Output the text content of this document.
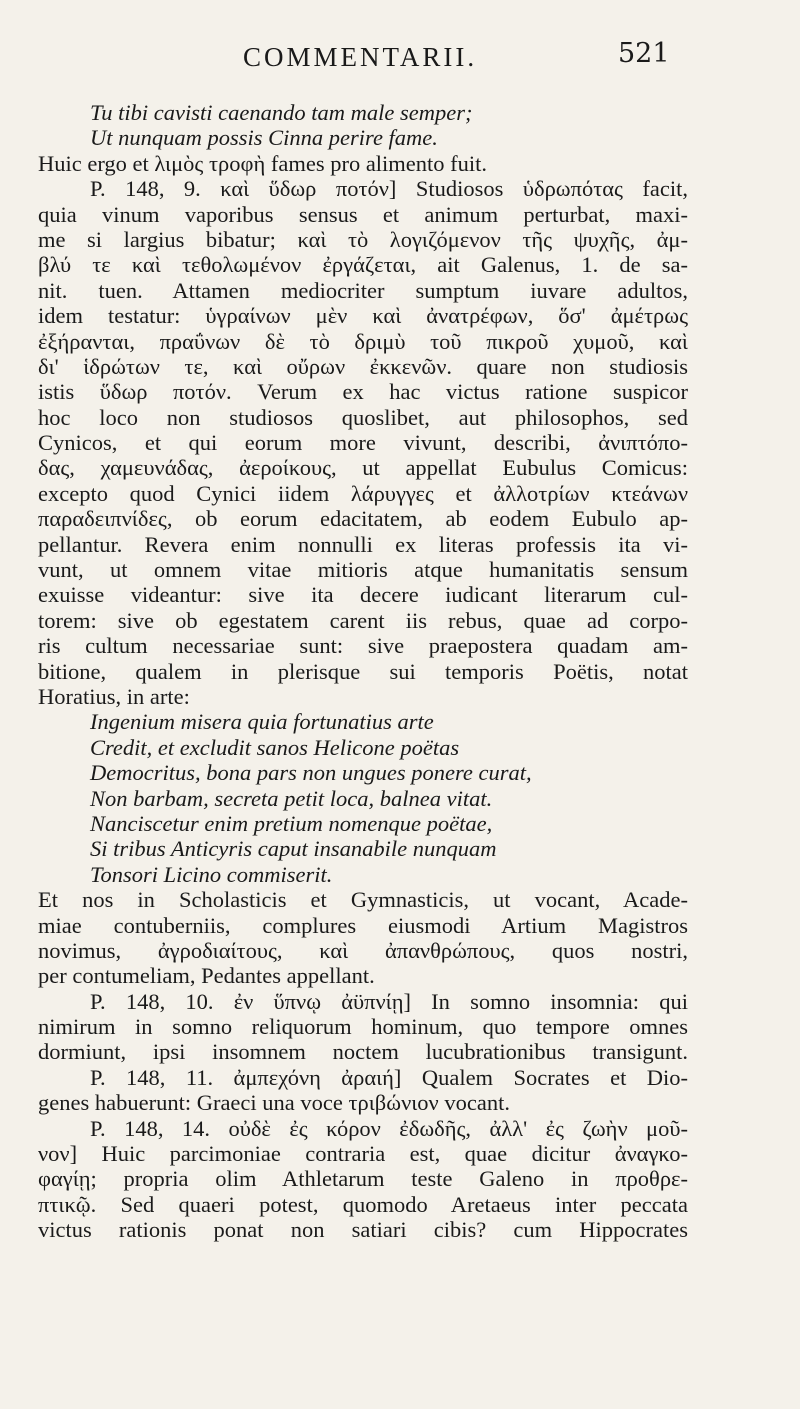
COMMENTARII.	521
Tu tibi cavisti caenando tam male semper;
Ut nunquam possis Cinna perire fame.
Huic ergo et λιμὸς τροφὴ fames pro alimento fuit.
P. 148, 9. καὶ ὕδωρ ποτόν] Studiosos ὑδρωπότας facit,
quia vinum vaporibus sensus et animum perturbat, maxi-
me si largius bibatur; καὶ τὸ λογιζόμενον τῆς ψυχῆς, ἀμ-
βλύ τε καὶ τεθολωμένον ἐργάζεται, ait Galenus, 1. de sa-
nit. tuen. Attamen mediocriter sumptum iuvare adultos,
idem testatur: ὑγραίνων μὲν καὶ ἀνατρέφων, ὅσ' ἀμέτρως
ἐξήρανται, πραΰνων δὲ τὸ δριμὺ τοῦ πικροῦ χυμοῦ, καὶ
δι' ἱδρώτων τε, καὶ οὔρων ἐκκενῶν. quare non studiosis
istis ὕδωρ ποτόν. Verum ex hac victus ratione suspicor
hoc loco non studiosos quoslibet, aut philosophos, sed
Cynicos, et qui eorum more vivunt, describi, ἀνιπτόπο-
δας, χαμευνάδας, ἀεροίκους, ut appellat Eubulus Comicus:
excepto quod Cynici iidem λάρυγγες et ἀλλοτρίων κτεάνων
παραδειπνίδες, ob eorum edacitatem, ab eodem Eubulo ap-
pellantur. Revera enim nonnulli ex literas professis ita vi-
vunt, ut omnem vitae mitioris atque humanitatis sensum
exuisse videantur: sive ita decere iudicant literarum cul-
torem: sive ob egestatem carent iis rebus, quae ad corpo-
ris cultum necessariae sunt: sive praepostera quadam am-
bitione, qualem in plerisque sui temporis Poëtis, notat
Horatius, in arte:
Ingenium misera quia fortunatius arte
Credit, et excludit sanos Helicone poëtas
Democritus, bona pars non ungues ponere curat,
Non barbam, secreta petit loca, balnea vitat.
Nanciscetur enim pretium nomenque poëtae,
Si tribus Anticyris caput insanabile nunquam
Tonsori Licino commiserit.
Et nos in Scholasticis et Gymnasticis, ut vocant, Acade-
miae contuberniis, complures eiusmodi Artium Magistros
novimus, ἀγροδιαίτους, καὶ ἀπανθρώπους, quos nostri,
per contumeliam, Pedantes appellant.
P. 148, 10. ἐν ὕπνῳ ἀϋπνίῃ] In somno insomnia: qui
nimirum in somno reliquorum hominum, quo tempore omnes
dormiunt, ipsi insomnem noctem lucubrationibus transigunt.
P. 148, 11. ἀμπεχόνη ἀραιή] Qualem Socrates et Dio-
genes habuerunt: Graeci una voce τριβώνιον vocant.
P. 148, 14. οὐδὲ ἐς κόρον ἐδωδῆς, ἀλλ' ἐς ζωὴν μοῦ-
νον] Huic parcimoniae contraria est, quae dicitur ἀναγκο-
φαγίῃ; propria olim Athletarum teste Galeno in προθρε-
πτικῷ. Sed quaeri potest, quomodo Aretaeus inter peccata
victus rationis ponat non satiari cibis? cum Hippocrates
